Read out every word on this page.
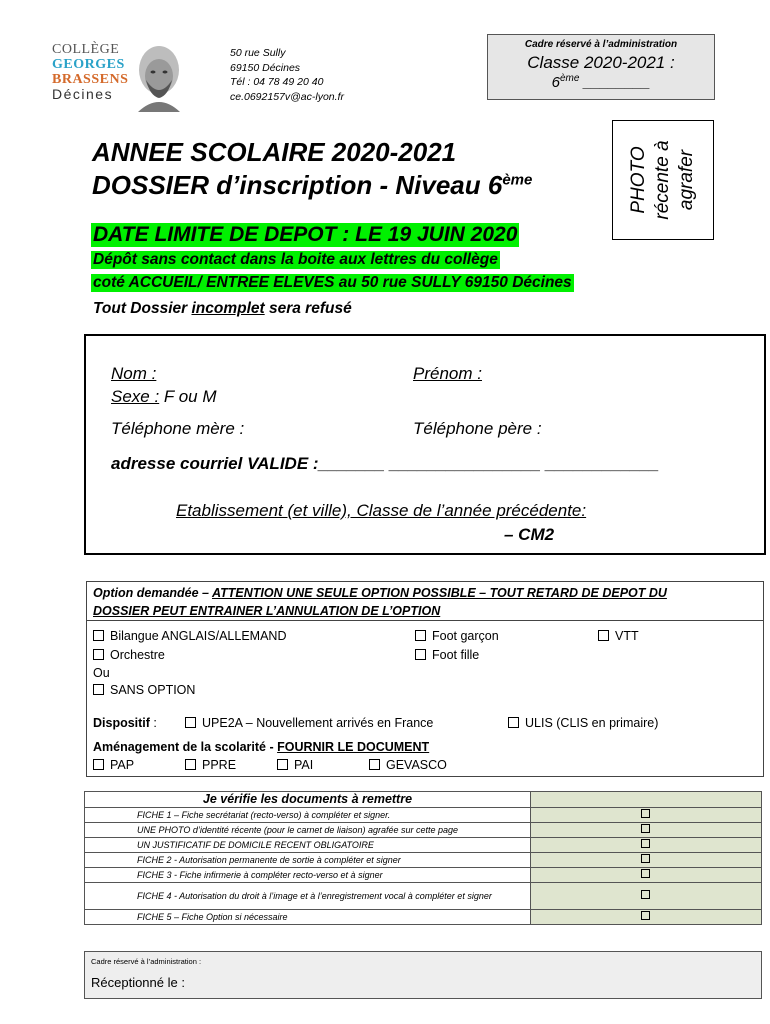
COLLÈGE
GEORGES
BRASSENS
Décines
50 rue Sully
69150 Décines
Tél : 04 78 49 20 40
ce.0692157v@ac-lyon.fr
Cadre réservé à l’administration
Classe 2020-2021 :
6ème ________
PHOTO récente à agrafer
ANNEE SCOLAIRE 2020-2021
DOSSIER d’inscription - Niveau 6ème
DATE LIMITE DE DEPOT : LE 19 JUIN 2020
Dépôt sans contact dans la boite aux lettres du collège
coté ACCUEIL/ ENTREE ELEVES au 50 rue SULLY 69150 Décines
Tout Dossier incomplet sera refusé
Nom :	Prénom :
Sexe : F ou M
Téléphone mère :	Téléphone père :
adresse courriel VALIDE :_______ ________________ ____________
Etablissement (et ville), Classe de l’année précédente:
– CM2
Option demandée – ATTENTION UNE SEULE OPTION POSSIBLE – TOUT RETARD DE DEPOT DU
DOSSIER PEUT ENTRAINER L’ANNULATION DE L’OPTION
Bilangue ANGLAIS/ALLEMAND	Foot garçon	VTT
Orchestre	Foot fille
Ou
SANS OPTION
Dispositif :	UPE2A – Nouvellement arrivés en France	ULIS (CLIS en primaire)
Aménagement de la scolarité - FOURNIR LE DOCUMENT
PAP	PPRE	PAI	GEVASCO
Je vérifie les documents à remettre	
FICHE 1 – Fiche secrétariat (recto-verso) à compléter et signer.	
UNE PHOTO d’identité récente (pour le carnet de liaison) agrafée sur cette page	
UN JUSTIFICATIF DE DOMICILE RECENT OBLIGATOIRE	
FICHE 2 - Autorisation permanente de sortie à compléter et signer	
FICHE 3 - Fiche infirmerie à compléter recto-verso et à signer	
FICHE 4 - Autorisation du droit à l’image et à l’enregistrement vocal à compléter et signer	
FICHE 5 – Fiche Option si nécessaire	
Cadre réservé à l’administration :
Réceptionné le :
